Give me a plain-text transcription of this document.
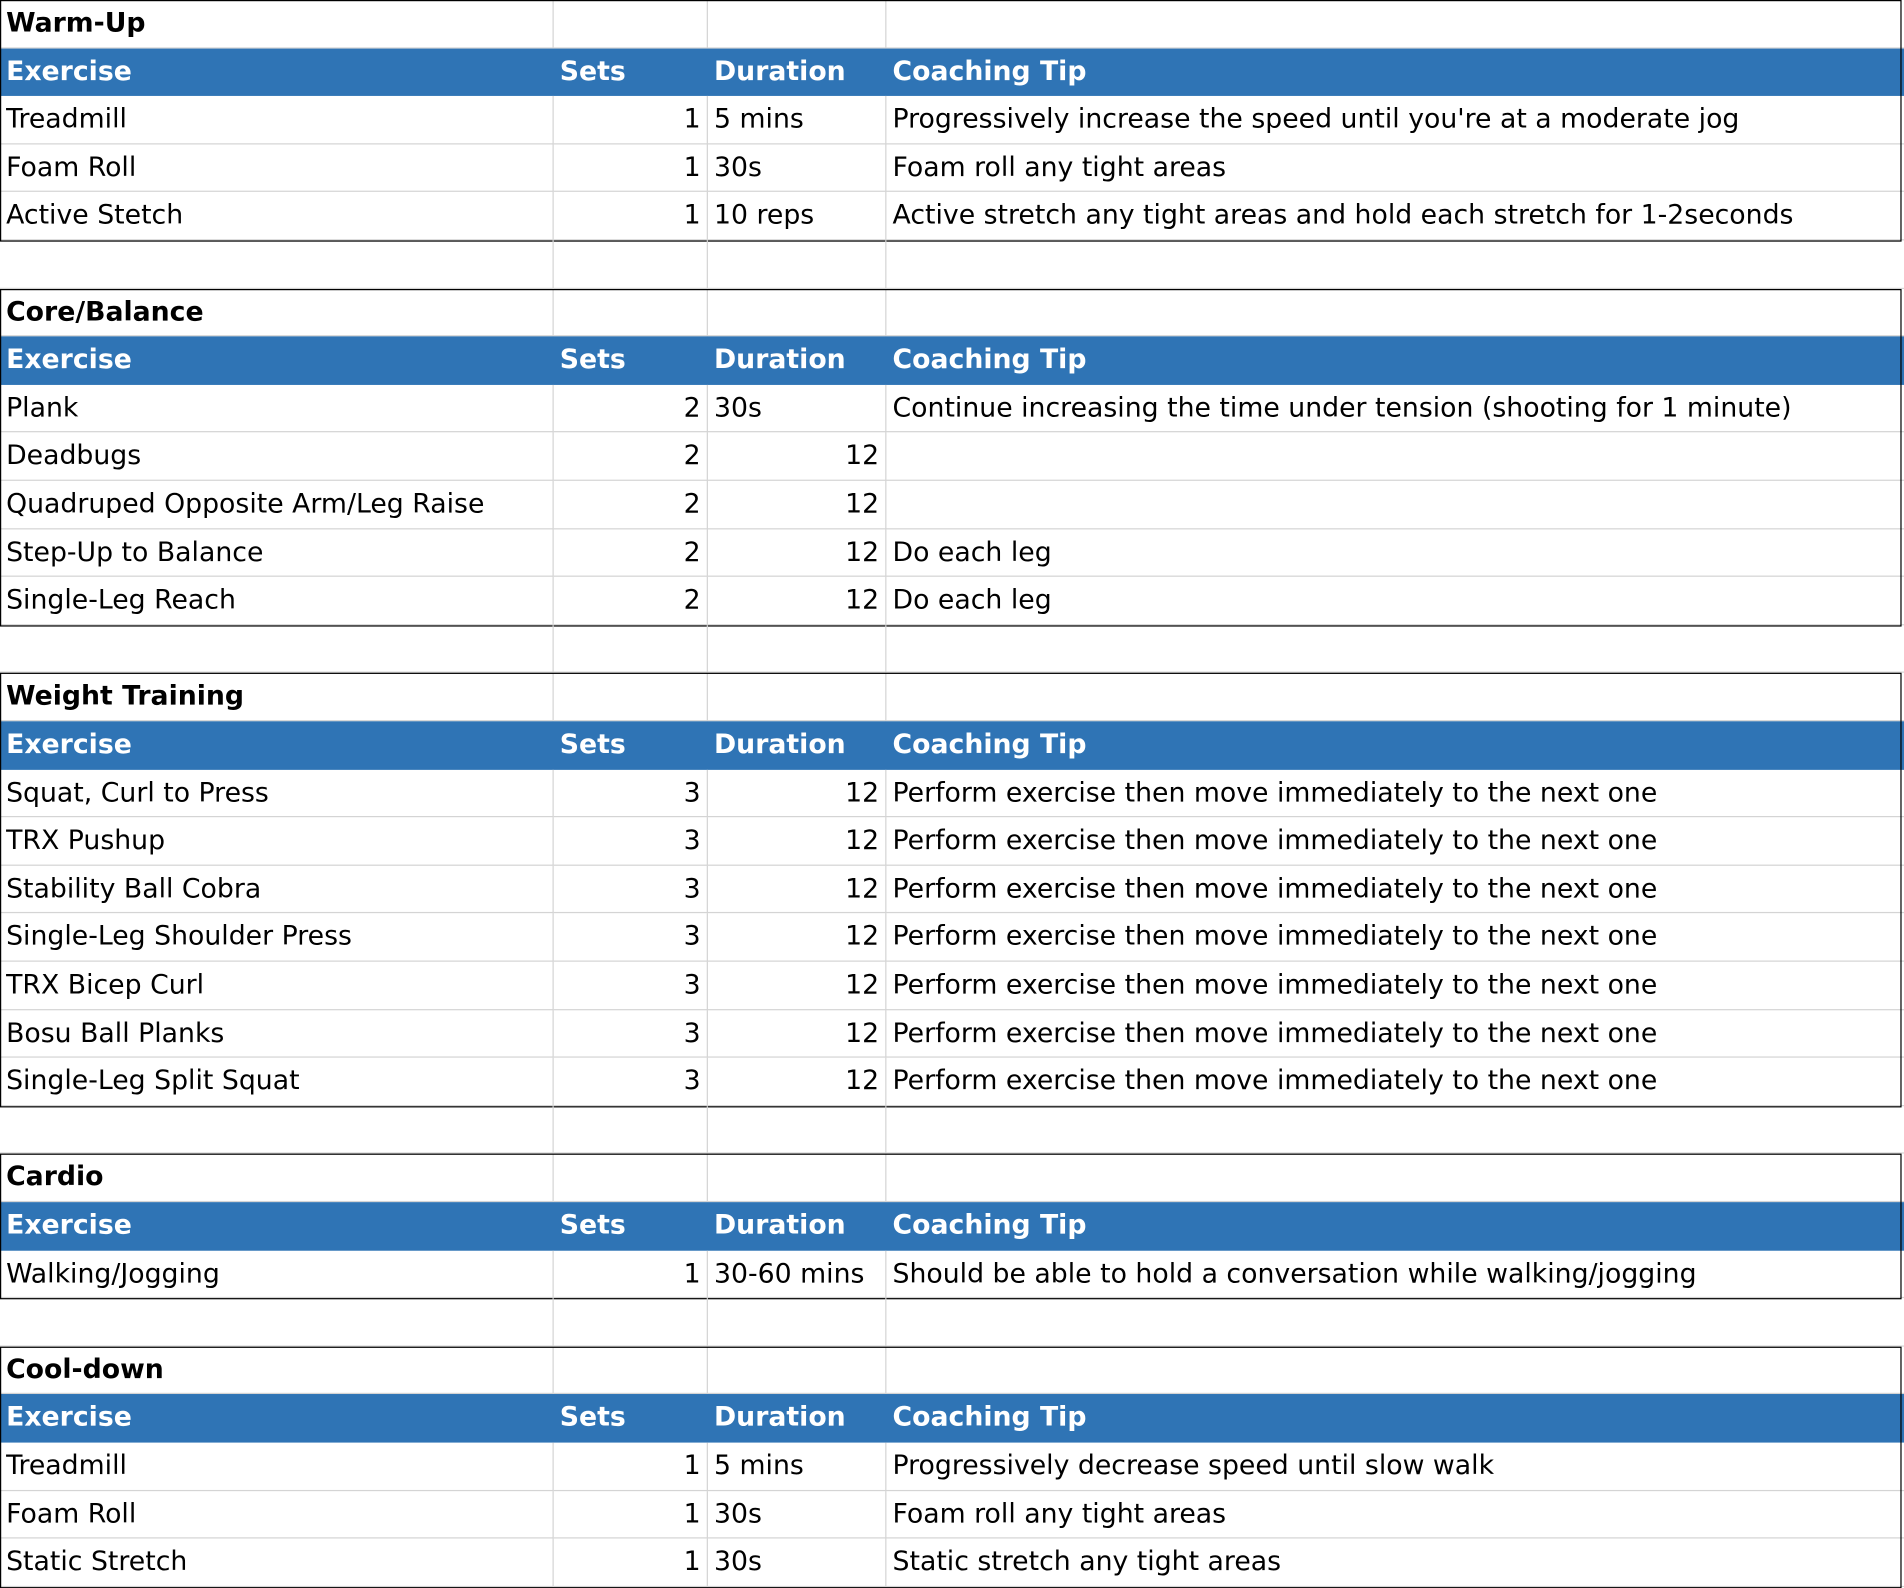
Warm-Up
Exercise	Sets	Duration	Coaching Tip
Treadmill	1 5 mins	Progressively increase the speed until you're at a moderate jog
Foam Roll	1 30s	Foam roll any tight areas
Active Stetch	1 10 reps	Active stretch any tight areas and hold each stretch for 1-2seconds
Core/Balance
Exercise	Sets	Duration	Coaching Tip
Plank	2 30s	Continue increasing the time under tension (shooting for 1 minute)
Deadbugs	2	12
Quadruped Opposite Arm/Leg Raise	2	12
Step-Up to Balance	2	12 Do each leg
Single-Leg Reach	2	12 Do each leg
Weight Training
Exercise	Sets	Duration	Coaching Tip
Squat, Curl to Press	3	12 Perform exercise then move immediately to the next one
TRX Pushup	3	12 Perform exercise then move immediately to the next one
Stability Ball Cobra	3	12 Perform exercise then move immediately to the next one
Single-Leg Shoulder Press	3	12 Perform exercise then move immediately to the next one
TRX Bicep Curl	3	12 Perform exercise then move immediately to the next one
Bosu Ball Planks	3	12 Perform exercise then move immediately to the next one
Single-Leg Split Squat	3	12 Perform exercise then move immediately to the next one
Cardio
Exercise	Sets	Duration	Coaching Tip
Walking/Jogging	1 30-60 mins	Should be able to hold a conversation while walking/jogging
Cool-down
Exercise	Sets	Duration	Coaching Tip
Treadmill	1 5 mins	Progressively decrease speed until slow walk
Foam Roll	1 30s	Foam roll any tight areas
Static Stretch	1 30s	Static stretch any tight areas
